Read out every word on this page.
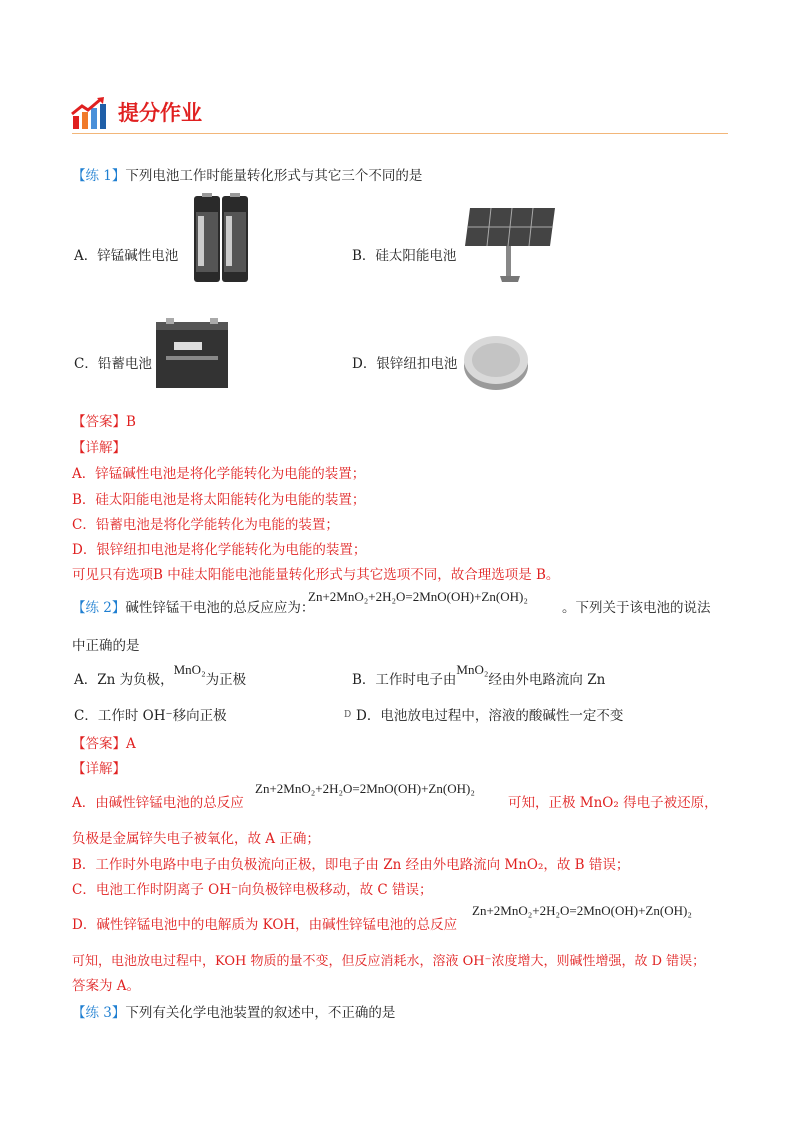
提分作业
【练 1】下列电池工作时能量转化形式与其它三个不同的是
A．锌锰碱性电池	B．硅太阳能电池
C．铅蓄电池	D．银锌纽扣电池
【答案】B
【详解】
A．锌锰碱性电池是将化学能转化为电能的装置；
B．硅太阳能电池是将太阳能转化为电能的装置；
C．铅蓄电池是将化学能转化为电能的装置；
D．银锌纽扣电池是将化学能转化为电能的装置；
可见只有选项B 中硅太阳能电池能量转化形式与其它选项不同，故合理选项是 B。
【练 2】碱性锌锰干电池的总反应应为：
Zn+2MnO₂+2H₂O=2MnO(OH)+Zn(OH)₂
。下列关于该电池的说法
中正确的是
A．Zn 为负极，MnO₂为正极	B．工作时电子由MnO₂经由外电路流向 Zn
C．工作时 OH⁻移向正极	D D．电池放电过程中，溶液的酸碱性一定不变
【答案】A
【详解】
A．由碱性锌锰电池的总反应
Zn+2MnO₂+2H₂O=2MnO(OH)+Zn(OH)₂
可知，正极 MnO₂ 得电子被还原，
负极是金属锌失电子被氧化，故 A 正确；
B．工作时外电路中电子由负极流向正极，即电子由 Zn 经由外电路流向 MnO₂，故 B 错误；
C．电池工作时阴离子 OH⁻向负极锌电极移动，故 C 错误；
D．碱性锌锰电池中的电解质为 KOH，由碱性锌锰电池的总反应
Zn+2MnO₂+2H₂O=2MnO(OH)+Zn(OH)₂
可知，电池放电过程中，KOH 物质的量不变，但反应消耗水，溶液 OH⁻浓度增大，则碱性增强，故 D 错误；
答案为 A。
【练 3】下列有关化学电池装置的叙述中，不正确的是
